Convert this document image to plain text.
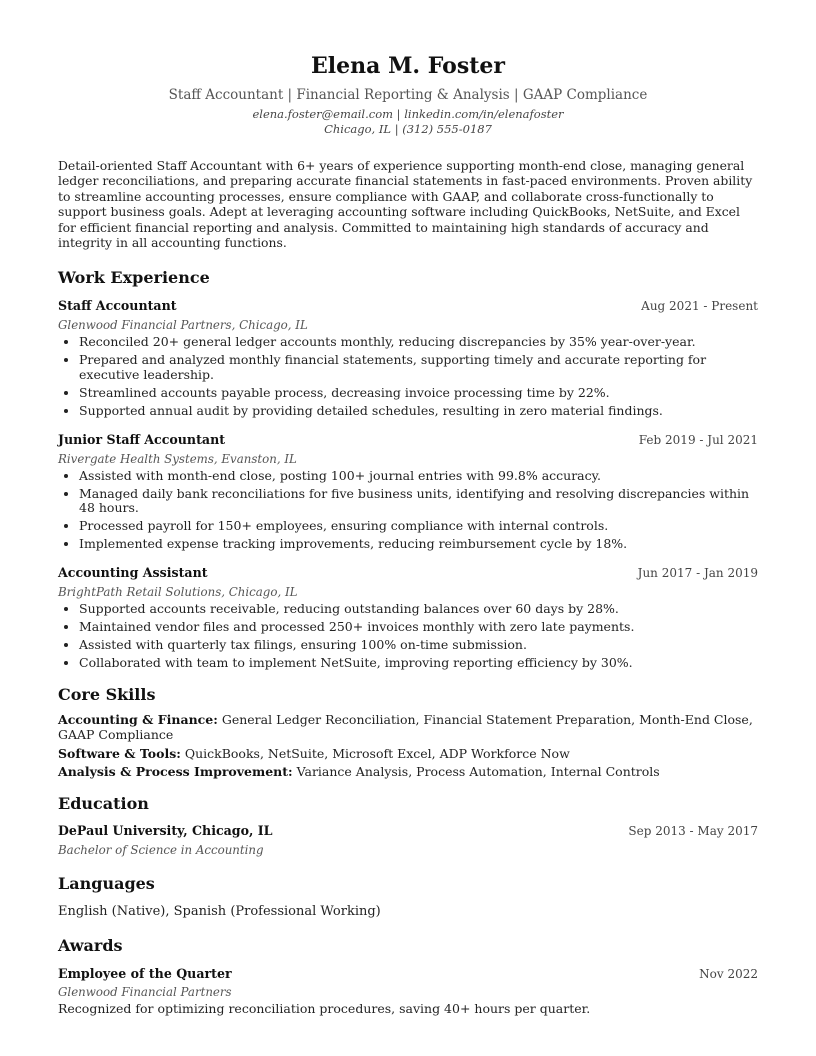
Elena M. Foster
Staff Accountant | Financial Reporting & Analysis | GAAP Compliance
elena.foster@email.com | linkedin.com/in/elenafoster
Chicago, IL | (312) 555-0187
Detail-oriented Staff Accountant with 6+ years of experience supporting month-end close, managing general ledger reconciliations, and preparing accurate financial statements in fast-paced environments. Proven ability to streamline accounting processes, ensure compliance with GAAP, and collaborate cross-functionally to support business goals. Adept at leveraging accounting software including QuickBooks, NetSuite, and Excel for efficient financial reporting and analysis. Committed to maintaining high standards of accuracy and integrity in all accounting functions.
Work Experience
Staff Accountant	Aug 2021 - Present
Glenwood Financial Partners, Chicago, IL
• Reconciled 20+ general ledger accounts monthly, reducing discrepancies by 35% year-over-year.
• Prepared and analyzed monthly financial statements, supporting timely and accurate reporting for executive leadership.
• Streamlined accounts payable process, decreasing invoice processing time by 22%.
• Supported annual audit by providing detailed schedules, resulting in zero material findings.
Junior Staff Accountant	Feb 2019 - Jul 2021
Rivergate Health Systems, Evanston, IL
• Assisted with month-end close, posting 100+ journal entries with 99.8% accuracy.
• Managed daily bank reconciliations for five business units, identifying and resolving discrepancies within 48 hours.
• Processed payroll for 150+ employees, ensuring compliance with internal controls.
• Implemented expense tracking improvements, reducing reimbursement cycle by 18%.
Accounting Assistant	Jun 2017 - Jan 2019
BrightPath Retail Solutions, Chicago, IL
• Supported accounts receivable, reducing outstanding balances over 60 days by 28%.
• Maintained vendor files and processed 250+ invoices monthly with zero late payments.
• Assisted with quarterly tax filings, ensuring 100% on-time submission.
• Collaborated with team to implement NetSuite, improving reporting efficiency by 30%.
Core Skills
Accounting & Finance: General Ledger Reconciliation, Financial Statement Preparation, Month-End Close, GAAP Compliance
Software & Tools: QuickBooks, NetSuite, Microsoft Excel, ADP Workforce Now
Analysis & Process Improvement: Variance Analysis, Process Automation, Internal Controls
Education
DePaul University, Chicago, IL	Sep 2013 - May 2017
Bachelor of Science in Accounting
Languages
English (Native), Spanish (Professional Working)
Awards
Employee of the Quarter	Nov 2022
Glenwood Financial Partners
Recognized for optimizing reconciliation procedures, saving 40+ hours per quarter.
